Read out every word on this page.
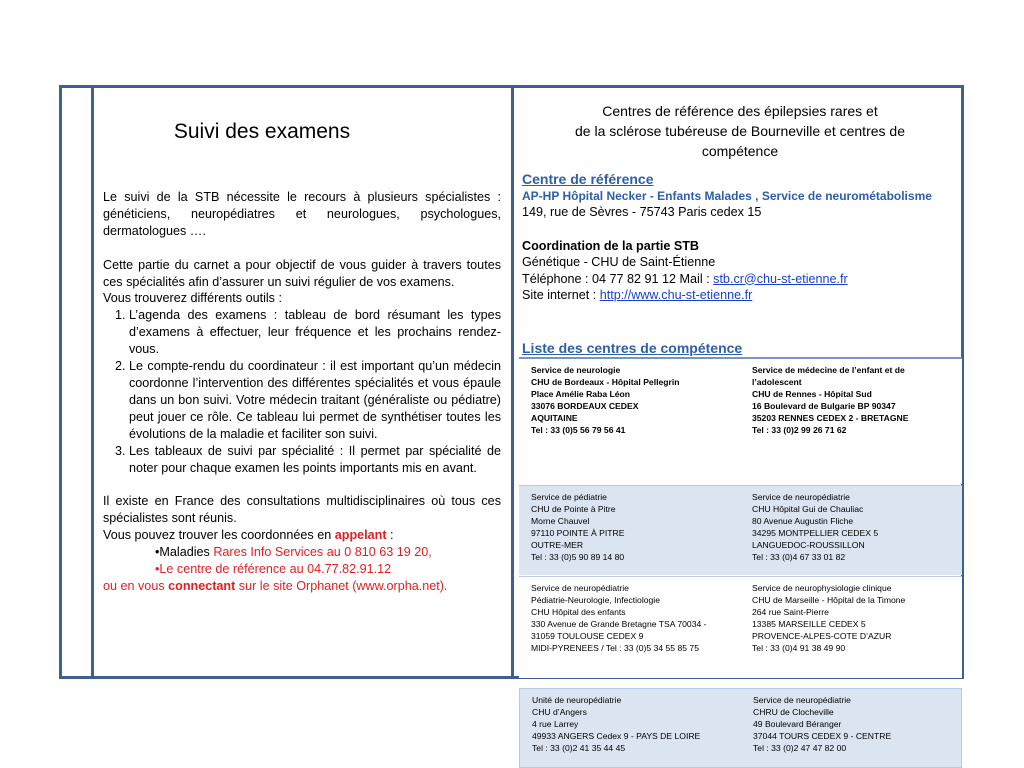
Suivi des examens

Le suivi de la STB nécessite le recours à plusieurs spécialistes : généticiens, neuropédiatres et neurologues, psychologues, dermatologues ….

Cette partie du carnet a pour objectif de vous guider à travers toutes ces spécialités afin d’assurer un suivi régulier de vos examens.

Vous trouverez différents outils :

1. L’agenda des examens : tableau de bord résumant les types d’examens à effectuer, leur fréquence et les prochains rendez-vous.
2. Le compte-rendu du coordinateur : il est important qu’un médecin coordonne l’intervention des différentes spécialités et vous épaule dans un bon suivi. Votre médecin traitant (généraliste ou pédiatre) peut jouer ce rôle. Ce tableau lui permet de synthétiser toutes les évolutions de la maladie et faciliter son suivi.
3. Les tableaux de suivi par spécialité : Il permet par spécialité de noter pour chaque examen les points importants mis en avant.

Il existe en France des consultations multidisciplinaires où tous ces spécialistes sont réunis.

Vous pouvez trouver les coordonnées en appelant :

•Maladies Rares Info Services au 0 810 63 19 20,

•Le centre de référence au 04.77.82.91.12

ou en vous connectant sur le site Orphanet (www.orpha.net).

Centres de référence des épilepsies rares et
de la sclérose tubéreuse de Bourneville et centres de
compétence
Centre de référence
AP-HP Hôpital Necker - Enfants Malades , Service de neurométabolisme
149, rue de Sèvres - 75743 Paris cedex 15
Coordination de la partie STB
Génétique - CHU de Saint-Étienne
Téléphone : 04 77 82 91 12 Mail : stb.cr@chu-st-etienne.fr
Site internet : http://www.chu-st-etienne.fr
Liste des centres de compétence
Service de neurologie
CHU de Bordeaux - Hôpital Pellegrin
Place Amélie Raba Léon
33076 BORDEAUX CEDEX
AQUITAINE
Tel : 33 (0)5 56 79 56 41
Service de médecine de l’enfant et de
l’adolescent
CHU de Rennes - Hôpital Sud
16 Boulevard de Bulgarie BP 90347
35203 RENNES CEDEX 2 - BRETAGNE
Tel : 33 (0)2 99 26 71 62
Service de pédiatrie
CHU de Pointe à Pitre
Morne Chauvel
97110 POINTE À PITRE
OUTRE-MER
Tel : 33 (0)5 90 89 14 80
Service de neuropédiatrie
CHU Hôpital Gui de Chauliac
80 Avenue Augustin Fliche
34295 MONTPELLIER CEDEX 5
LANGUEDOC-ROUSSILLON
Tel : 33 (0)4 67 33 01 82
Service de neuropédiatrie
Pédiatrie-Neurologie, Infectiologie
CHU Hôpital des enfants
330 Avenue de Grande Bretagne TSA 70034 -
31059 TOULOUSE CEDEX 9
MIDI-PYRENEES / Tel : 33 (0)5 34 55 85 75
Service de neurophysiologie clinique
CHU de Marseille - Hôpital de la Timone
264 rue Saint-Pierre
13385 MARSEILLE CEDEX 5
PROVENCE-ALPES-COTE D’AZUR
Tel : 33 (0)4 91 38 49 90
Unité de neuropédiatrie
CHU d’Angers
4 rue Larrey
49933 ANGERS Cedex 9 - PAYS DE LOIRE
Tel : 33 (0)2 41 35 44 45
Service de neuropédiatrie
CHRU de Clocheville
49 Boulevard Béranger
37044 TOURS CEDEX 9 - CENTRE
Tel : 33 (0)2 47 47 82 00
